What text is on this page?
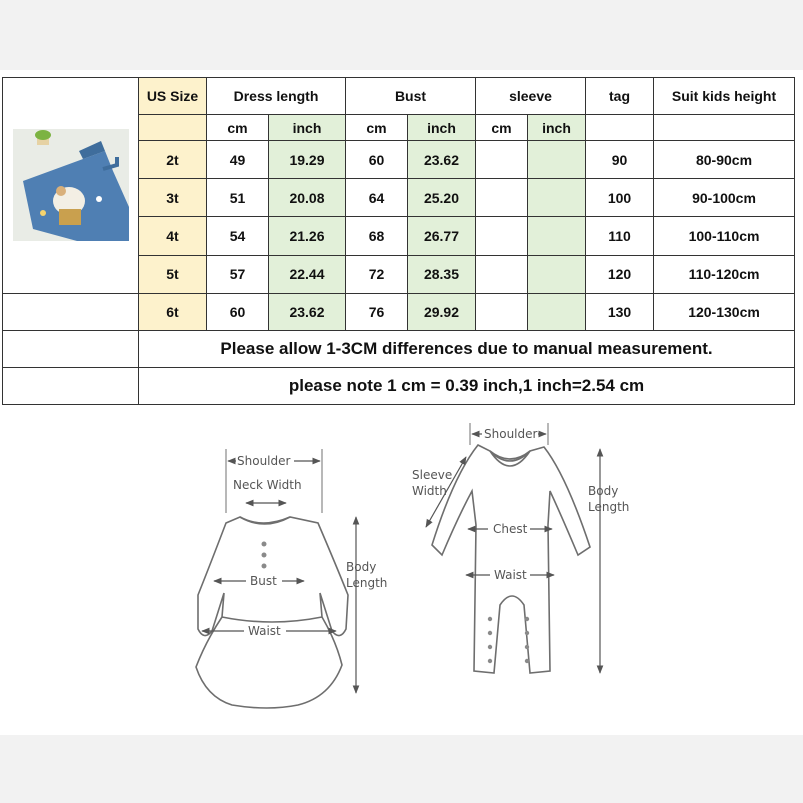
	US Size	Dress length		Bust		sleeve		tag	Suit kids height
		cm	inch	cm	inch	cm	inch		
	2t	49	19.29	60	23.62			90	80-90cm
	3t	51	20.08	64	25.20			100	90-100cm
	4t	54	21.26	68	26.77			110	100-110cm
	5t	57	22.44	72	28.35			120	110-120cm
	6t	60	23.62	76	29.92			130	120-130cm
	Please allow 1-3CM differences due to manual measurement.								
	please note 1 cm = 0.39 inch,1 inch=2.54 cm								
Shoulder
Neck Width
Bust
Waist
Body
Length
Shoulder
Sleeve
Width
Chest
Waist
Body
Length
